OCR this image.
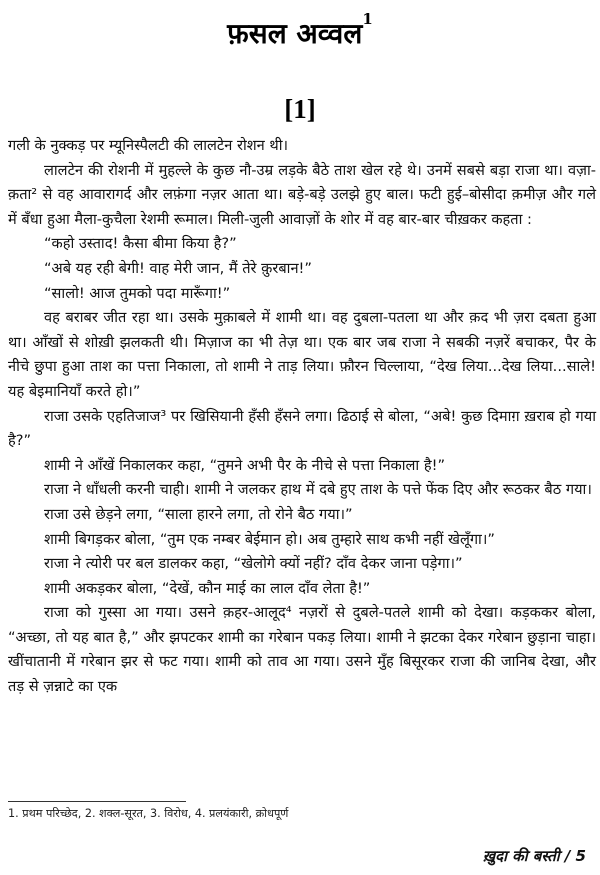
फ़सल अव्वल$^1$
[1]

गली के नुक्कड़ पर म्यूनिस्पैलटी की लालटेन रोशन थी।

लालटेन की रोशनी में मुहल्ले के कुछ नौ-उम्र लड़के बैठे ताश खेल रहे थे। उनमें सबसे बड़ा राजा था। वज़ा-क़ता² से वह आवारागर्द और लफ़ंगा नज़र आता था। बड़े-बड़े उलझे हुए बाल। फटी हुई–बोसीदा क़मीज़ और गले में बँधा हुआ मैला-कुचैला रेशमी रूमाल। मिली-जुली आवाज़ों के शोर में वह बार-बार चीख़कर कहता :

“कहो उस्ताद! कैसा बीमा किया है?”

“अबे यह रही बेगी! वाह मेरी जान, मैं तेरे क़ुरबान!”

“सालो! आज तुमको पदा मारूँगा!”

वह बराबर जीत रहा था। उसके मुक़ाबले में शामी था। वह दुबला-पतला था और क़द भी ज़रा दबता हुआ था। आँखों से शोख़ी झलकती थी। मिज़ाज का भी तेज़ था। एक बार जब राजा ने सबकी नज़रें बचाकर, पैर के नीचे छुपा हुआ ताश का पत्ता निकाला, तो शामी ने ताड़ लिया। फ़ौरन चिल्लाया, “देख लिया...देख लिया...साले! यह बेइमानियाँ करते हो।”

राजा उसके एहतिजाज³ पर खिसियानी हँसी हँसने लगा। ढिठाई से बोला, “अबे! कुछ दिमाग़ ख़राब हो गया है?”

शामी ने आँखें निकालकर कहा, “तुमने अभी पैर के नीचे से पत्ता निकाला है!”

राजा ने धाँधली करनी चाही। शामी ने जलकर हाथ में दबे हुए ताश के पत्ते फेंक दिए और रूठकर बैठ गया।

राजा उसे छेड़ने लगा, “साला हारने लगा, तो रोने बैठ गया।”

शामी बिगड़कर बोला, “तुम एक नम्बर बेईमान हो। अब तुम्हारे साथ कभी नहीं खेलूँगा।”

राजा ने त्योरी पर बल डालकर कहा, “खेलोगे क्यों नहीं? दाँव देकर जाना पड़ेगा।”

शामी अकड़कर बोला, “देखें, कौन माई का लाल दाँव लेता है!”

राजा को गुस्सा आ गया। उसने क़हर-आलूद⁴ नज़रों से दुबले-पतले शामी को देखा। कड़ककर बोला, “अच्छा, तो यह बात है,” और झपटकर शामी का गरेबान पकड़ लिया। शामी ने झटका देकर गरेबान छुड़ाना चाहा। खींचातानी में गरेबान झर से फट गया। शामी को ताव आ गया। उसने मुँह बिसूरकर राजा की जानिब देखा, और तड़ से ज़न्नाटे का एक

1. प्रथम परिच्छेद, 2. शक्ल-सूरत, 3. विरोध, 4. प्रलयंकारी, क्रोधपूर्ण
ख़ुदा की बस्ती / 5
